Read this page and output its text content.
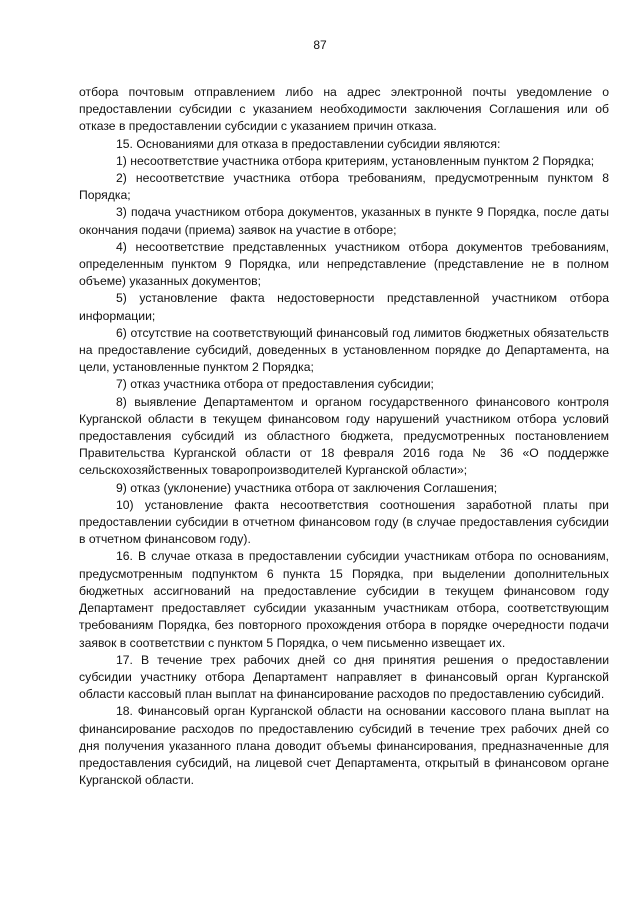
87

отбора почтовым отправлением либо на адрес электронной почты уведомление о предоставлении субсидии с указанием необходимости заключения Соглашения или об отказе в предоставлении субсидии с указанием причин отказа.

15. Основаниями для отказа в предоставлении субсидии являются:

1) несоответствие участника отбора критериям, установленным пунктом 2 Порядка;

2) несоответствие участника отбора требованиям, предусмотренным пунктом 8 Порядка;

3) подача участником отбора документов, указанных в пункте 9 Порядка, после даты окончания подачи (приема) заявок на участие в отборе;

4) несоответствие представленных участником отбора документов требованиям, определенным пунктом 9 Порядка, или непредставление (представление не в полном объеме) указанных документов;

5) установление факта недостоверности представленной участником отбора информации;

6) отсутствие на соответствующий финансовый год лимитов бюджетных обязательств на предоставление субсидий, доведенных в установленном порядке до Департамента, на цели, установленные пунктом 2 Порядка;

7) отказ участника отбора от предоставления субсидии;

8) выявление Департаментом и органом государственного финансового контроля Курганской области в текущем финансовом году нарушений участником отбора условий предоставления субсидий из областного бюджета, предусмотренных постановлением Правительства Курганской области от 18 февраля 2016 года № 36 «О поддержке сельскохозяйственных товаропроизводителей Курганской области»;

9) отказ (уклонение) участника отбора от заключения Соглашения;

10) установление факта несоответствия соотношения заработной платы при предоставлении субсидии в отчетном финансовом году (в случае предоставления субсидии в отчетном финансовом году).

16. В случае отказа в предоставлении субсидии участникам отбора по основаниям, предусмотренным подпунктом 6 пункта 15 Порядка, при выделении дополнительных бюджетных ассигнований на предоставление субсидии в текущем финансовом году Департамент предоставляет субсидии указанным участникам отбора, соответствующим требованиям Порядка, без повторного прохождения отбора в порядке очередности подачи заявок в соответствии с пунктом 5 Порядка, о чем письменно извещает их.

17. В течение трех рабочих дней со дня принятия решения о предоставлении субсидии участнику отбора Департамент направляет в финансовый орган Курганской области кассовый план выплат на финансирование расходов по предоставлению субсидий.

18. Финансовый орган Курганской области на основании кассового плана выплат на финансирование расходов по предоставлению субсидий в течение трех рабочих дней со дня получения указанного плана доводит объемы финансирования, предназначенные для предоставления субсидий, на лицевой счет Департамента, открытый в финансовом органе Курганской области.
